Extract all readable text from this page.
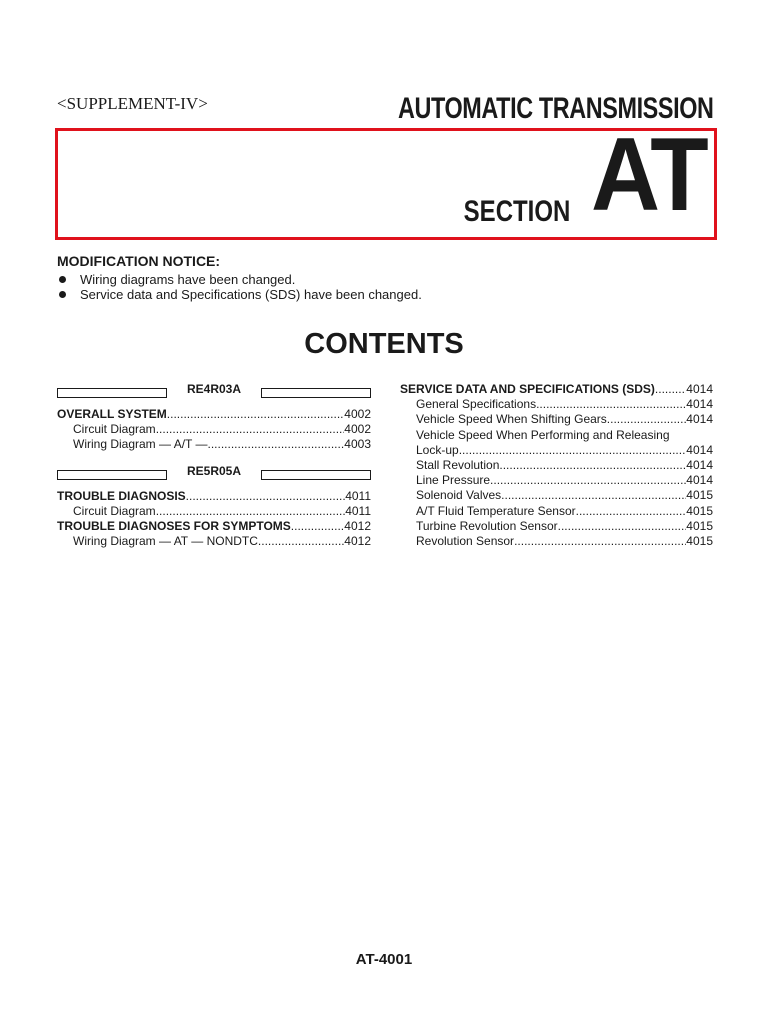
<SUPPLEMENT-IV>	AUTOMATIC TRANSMISSION
SECTION AT
MODIFICATION NOTICE:
Wiring diagrams have been changed.
Service data and Specifications (SDS) have been changed.
CONTENTS
RE4R03A
OVERALL SYSTEM .....	4002
Circuit Diagram .....	4002
Wiring Diagram — A/T — .....	4003
RE5R05A
TROUBLE DIAGNOSIS .....	4011
Circuit Diagram .....	4011
TROUBLE DIAGNOSES FOR SYMPTOMS .....	4012
Wiring Diagram — AT — NONDTC .....	4012
SERVICE DATA AND SPECIFICATIONS (SDS) .....	4014
General Specifications .....	4014
Vehicle Speed When Shifting Gears .....	4014
Vehicle Speed When Performing and Releasing
Lock-up .....	4014
Stall Revolution .....	4014
Line Pressure .....	4014
Solenoid Valves .....	4015
A/T Fluid Temperature Sensor .....	4015
Turbine Revolution Sensor .....	4015
Revolution Sensor .....	4015
AT-4001
